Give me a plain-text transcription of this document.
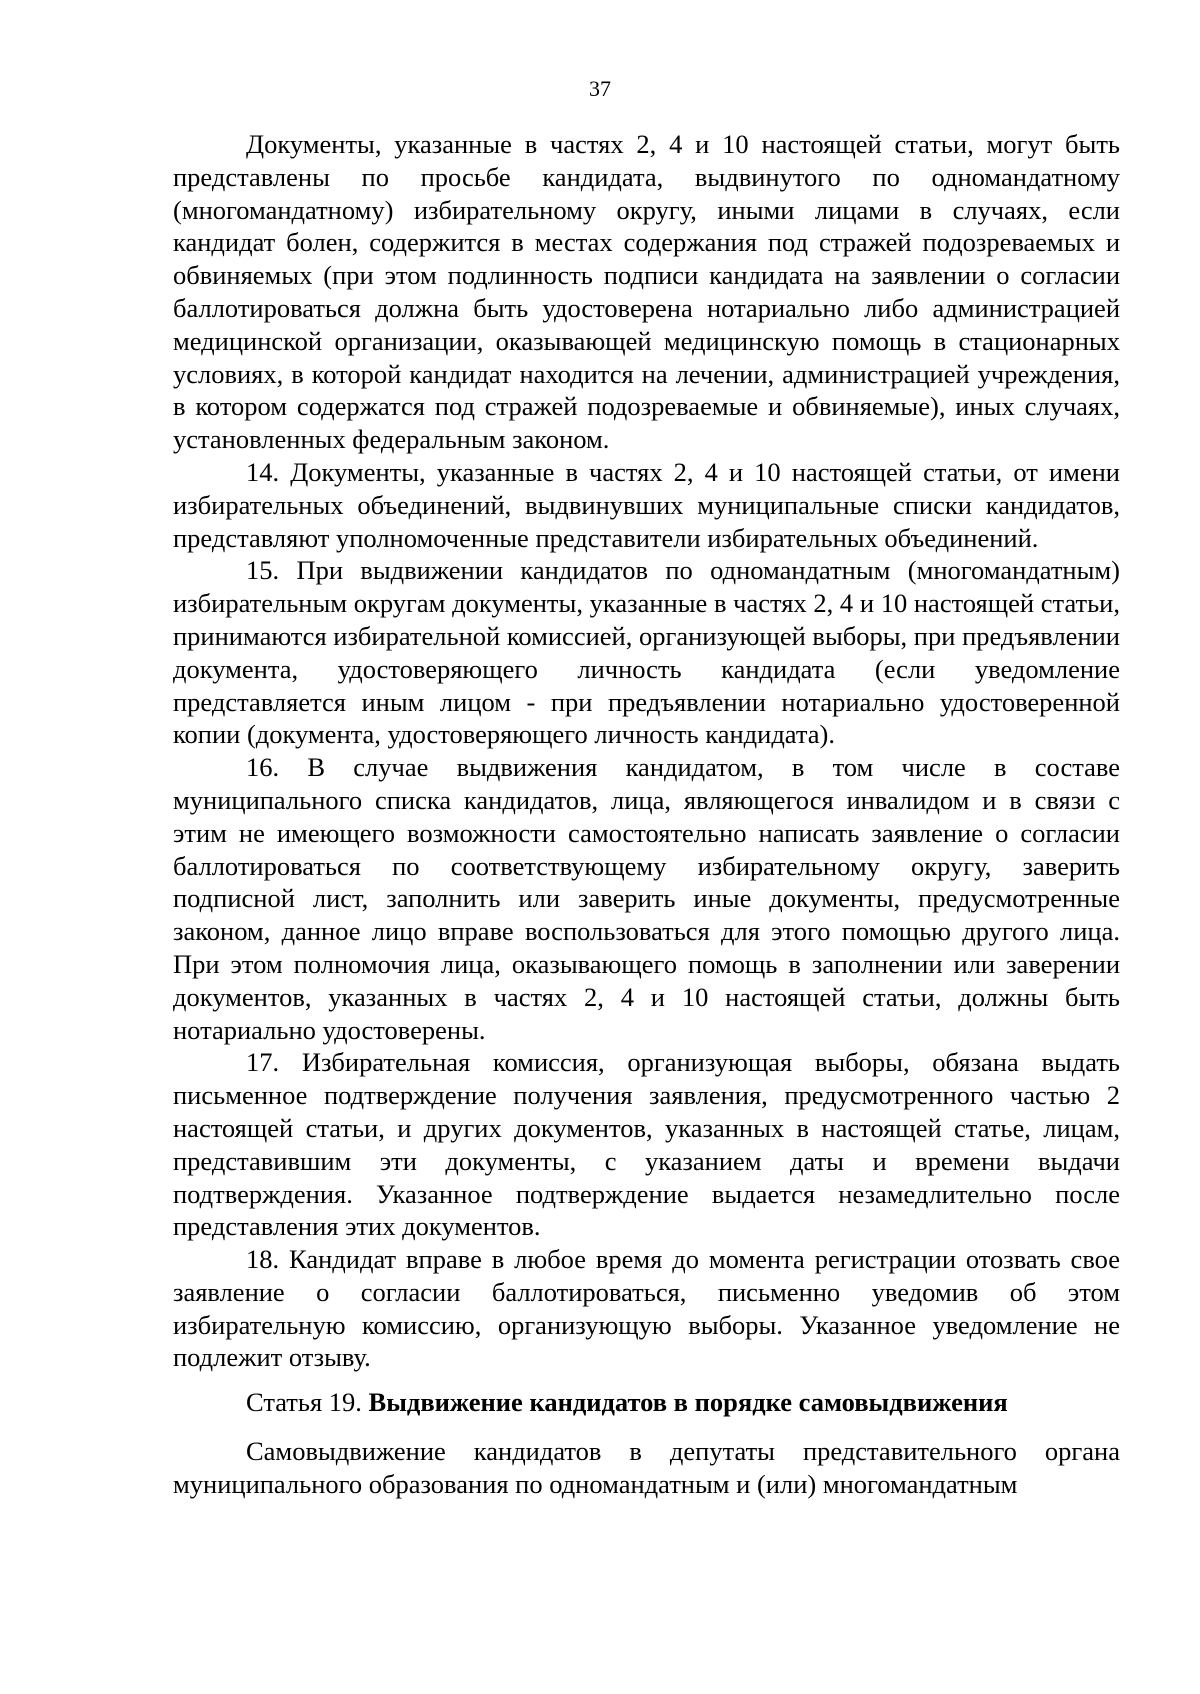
37

Документы, указанные в частях 2, 4 и 10 настоящей статьи, могут быть представлены по просьбе кандидата, выдвинутого по одномандатному (многомандатному) избирательному округу, иными лицами в случаях, если кандидат болен, содержится в местах содержания под стражей подозреваемых и обвиняемых (при этом подлинность подписи кандидата на заявлении о согласии баллотироваться должна быть удостоверена нотариально либо администрацией медицинской организации, оказывающей медицинскую помощь в стационарных условиях, в которой кандидат находится на лечении, администрацией учреждения, в котором содержатся под стражей подозреваемые и обвиняемые), иных случаях, установленных федеральным законом.

14. Документы, указанные в частях 2, 4 и 10 настоящей статьи, от имени избирательных объединений, выдвинувших муниципальные списки кандидатов, представляют уполномоченные представители избирательных объединений.

15. При выдвижении кандидатов по одномандатным (многомандатным) избирательным округам документы, указанные в частях 2, 4 и 10 настоящей статьи, принимаются избирательной комиссией, организующей выборы, при предъявлении документа, удостоверяющего личность кандидата (если уведомление представляется иным лицом - при предъявлении нотариально удостоверенной копии (документа, удостоверяющего личность кандидата).

16. В случае выдвижения кандидатом, в том числе в составе муниципального списка кандидатов, лица, являющегося инвалидом и в связи с этим не имеющего возможности самостоятельно написать заявление о согласии баллотироваться по соответствующему избирательному округу, заверить подписной лист, заполнить или заверить иные документы, предусмотренные законом, данное лицо вправе воспользоваться для этого помощью другого лица. При этом полномочия лица, оказывающего помощь в заполнении или заверении документов, указанных в частях 2, 4 и 10 настоящей статьи, должны быть нотариально удостоверены.

17. Избирательная комиссия, организующая выборы, обязана выдать письменное подтверждение получения заявления, предусмотренного частью 2 настоящей статьи, и других документов, указанных в настоящей статье, лицам, представившим эти документы, с указанием даты и времени выдачи подтверждения. Указанное подтверждение выдается незамедлительно после представления этих документов.

18. Кандидат вправе в любое время до момента регистрации отозвать свое заявление о согласии баллотироваться, письменно уведомив об этом избирательную комиссию, организующую выборы. Указанное уведомление не подлежит отзыву.

Статья 19. Выдвижение кандидатов в порядке самовыдвижения

Самовыдвижение кандидатов в депутаты представительного органа муниципального образования по одномандатным и (или) многомандатным
